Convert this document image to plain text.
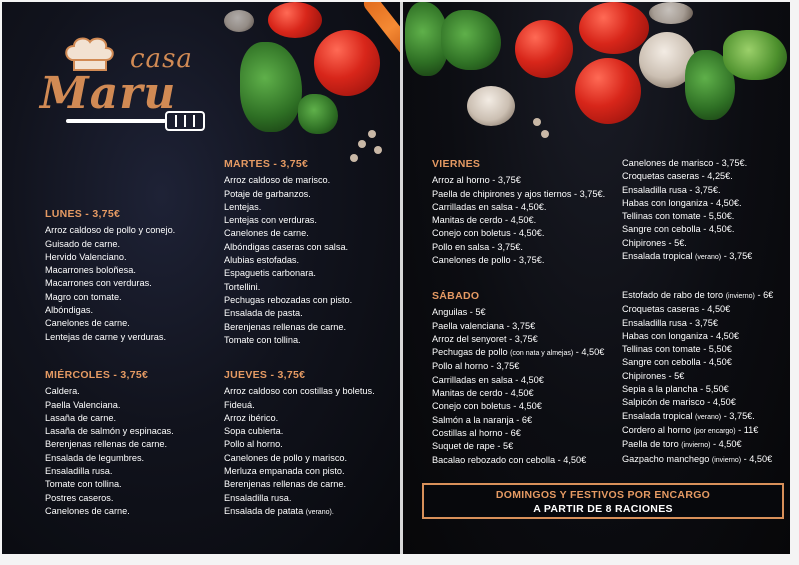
casa
Maru
LUNES - 3,75€
Arroz caldoso de pollo y conejo.
Guisado de carne.
Hervido Valenciano.
Macarrones boloñesa.
Macarrones con verduras.
Magro con tomate.
Albóndigas.
Canelones de carne.
Lentejas de carne y verduras.
MIÉRCOLES - 3,75€
Caldera.
Paella Valenciana.
Lasaña de carne.
Lasaña de salmón y espinacas.
Berenjenas rellenas de carne.
Ensalada de legumbres.
Ensaladilla rusa.
Tomate con tollina.
Postres caseros.
Canelones de carne.
MARTES - 3,75€
Arroz caldoso de marisco.
Potaje de garbanzos.
Lentejas.
Lentejas con verduras.
Canelones de carne.
Albóndigas caseras con salsa.
Alubias estofadas.
Espaguetis carbonara.
Tortellini.
Pechugas rebozadas con pisto.
Ensalada de pasta.
Berenjenas rellenas de carne.
Tomate con tollina.
JUEVES - 3,75€
Arroz caldoso con costillas y boletus.
Fideuá.
Arroz ibérico.
Sopa cubierta.
Pollo al horno.
Canelones de pollo y marisco.
Merluza empanada con pisto.
Berenjenas rellenas de carne.
Ensaladilla rusa.
Ensalada de patata (verano).
VIERNES
Arroz al horno - 3,75€
Paella de chipirones y ajos tiernos - 3,75€.
Carrilladas en salsa - 4,50€.
Manitas de cerdo - 4,50€.
Conejo con boletus - 4,50€.
Pollo en salsa - 3,75€.
Canelones de pollo - 3,75€.
Canelones de marisco - 3,75€.
Croquetas caseras - 4,25€.
Ensaladilla rusa - 3,75€.
Habas con longaniza - 4,50€.
Tellinas con tomate - 5,50€.
Sangre con cebolla - 4,50€.
Chipirones - 5€.
Ensalada tropical (verano) - 3,75€
SÁBADO
Anguilas - 5€
Paella valenciana - 3,75€
Arroz del senyoret - 3,75€
Pechugas de pollo (con nata y almejas) - 4,50€
Pollo al horno - 3,75€
Carrilladas en salsa - 4,50€
Manitas de cerdo - 4,50€
Conejo con boletus - 4,50€
Salmón a la naranja - 6€
Costillas al horno - 6€
Suquet de rape - 5€
Bacalao rebozado con cebolla - 4,50€
Estofado de rabo de toro (invierno) - 6€
Croquetas caseras - 4,50€
Ensaladilla rusa - 3,75€
Habas con longaniza - 4,50€
Tellinas con tomate - 5,50€
Sangre con cebolla - 4,50€
Chipirones - 5€
Sepia a la plancha - 5,50€
Salpicón de marisco - 4,50€
Ensalada tropical (verano) - 3,75€.
Cordero al horno (por encargo) - 11€
Paella de toro (invierno) - 4,50€
Gazpacho manchego (invierno) - 4,50€
DOMINGOS Y FESTIVOS POR ENCARGO
A PARTIR DE 8 RACIONES
